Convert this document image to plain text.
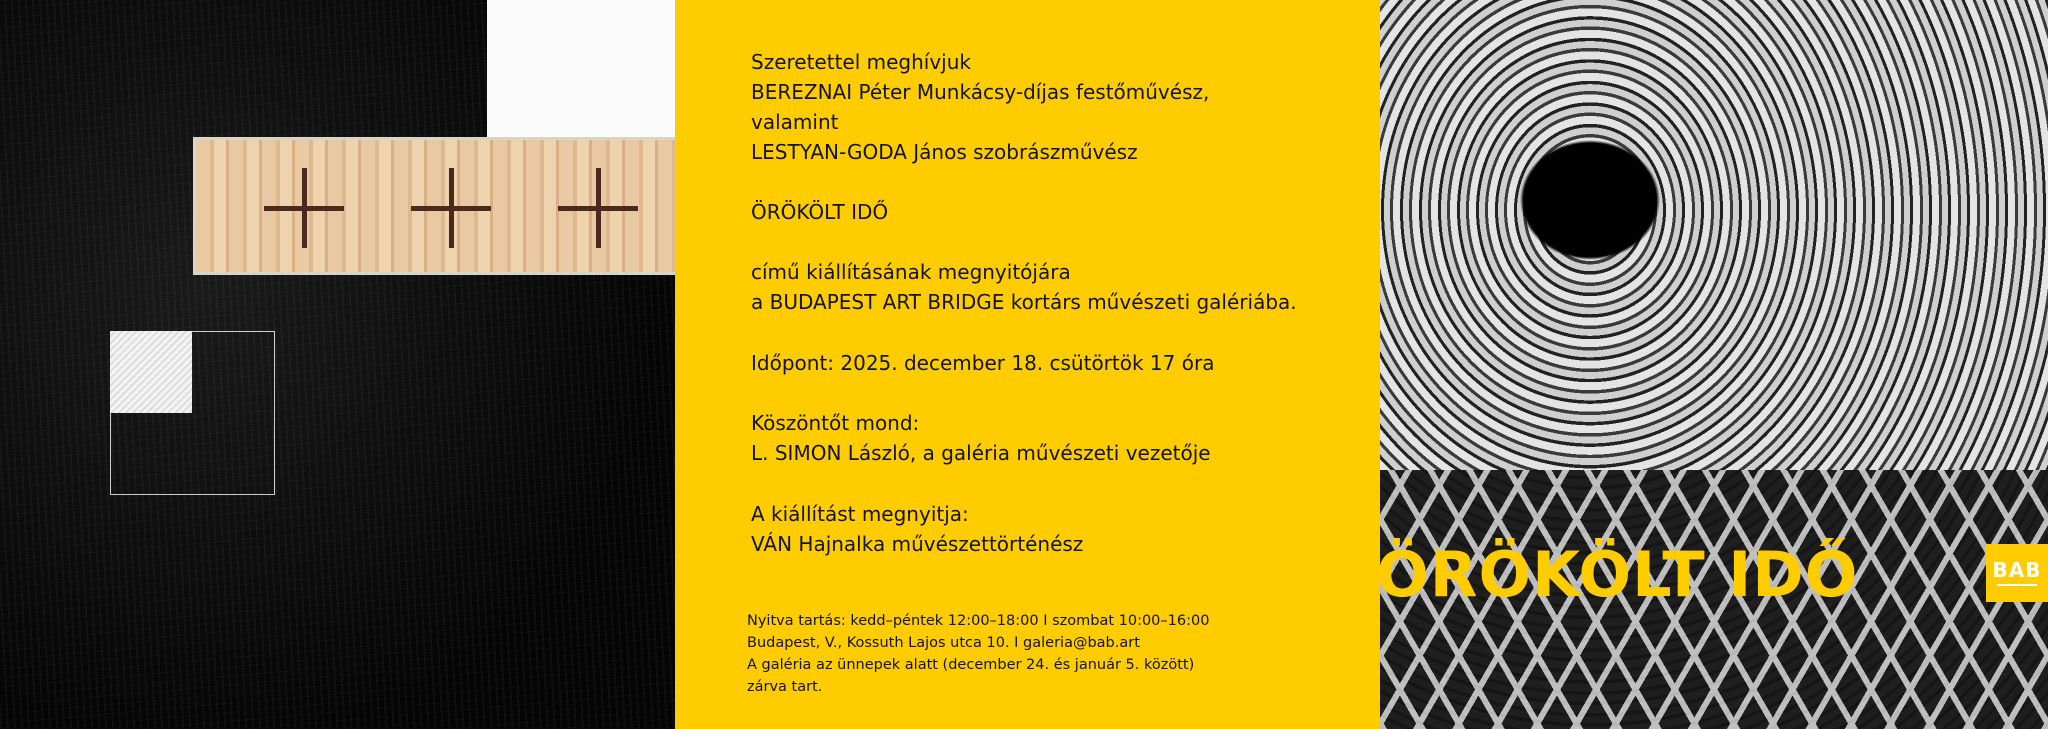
Szeretettel meghívjuk
BEREZNAI Péter Munkácsy-díjas festőművész,
valamint
LESTYAN-GODA János szobrászművész
ÖRÖKÖLT IDŐ
című kiállításának megnyitójára
a BUDAPEST ART BRIDGE kortárs művészeti galériába.
Időpont: 2025. december 18. csütörtök 17 óra
Köszöntőt mond:
L. SIMON László, a galéria művészeti vezetője
A kiállítást megnyitja:
VÁN Hajnalka művészettörténész
Nyitva tartás: kedd–péntek 12:00–18:00 I szombat 10:00–16:00
Budapest, V., Kossuth Lajos utca 10. I galeria@bab.art
A galéria az ünnepek alatt (december 24. és január 5. között)
zárva tart.
ÖRÖKÖLT IDŐ	BAB
